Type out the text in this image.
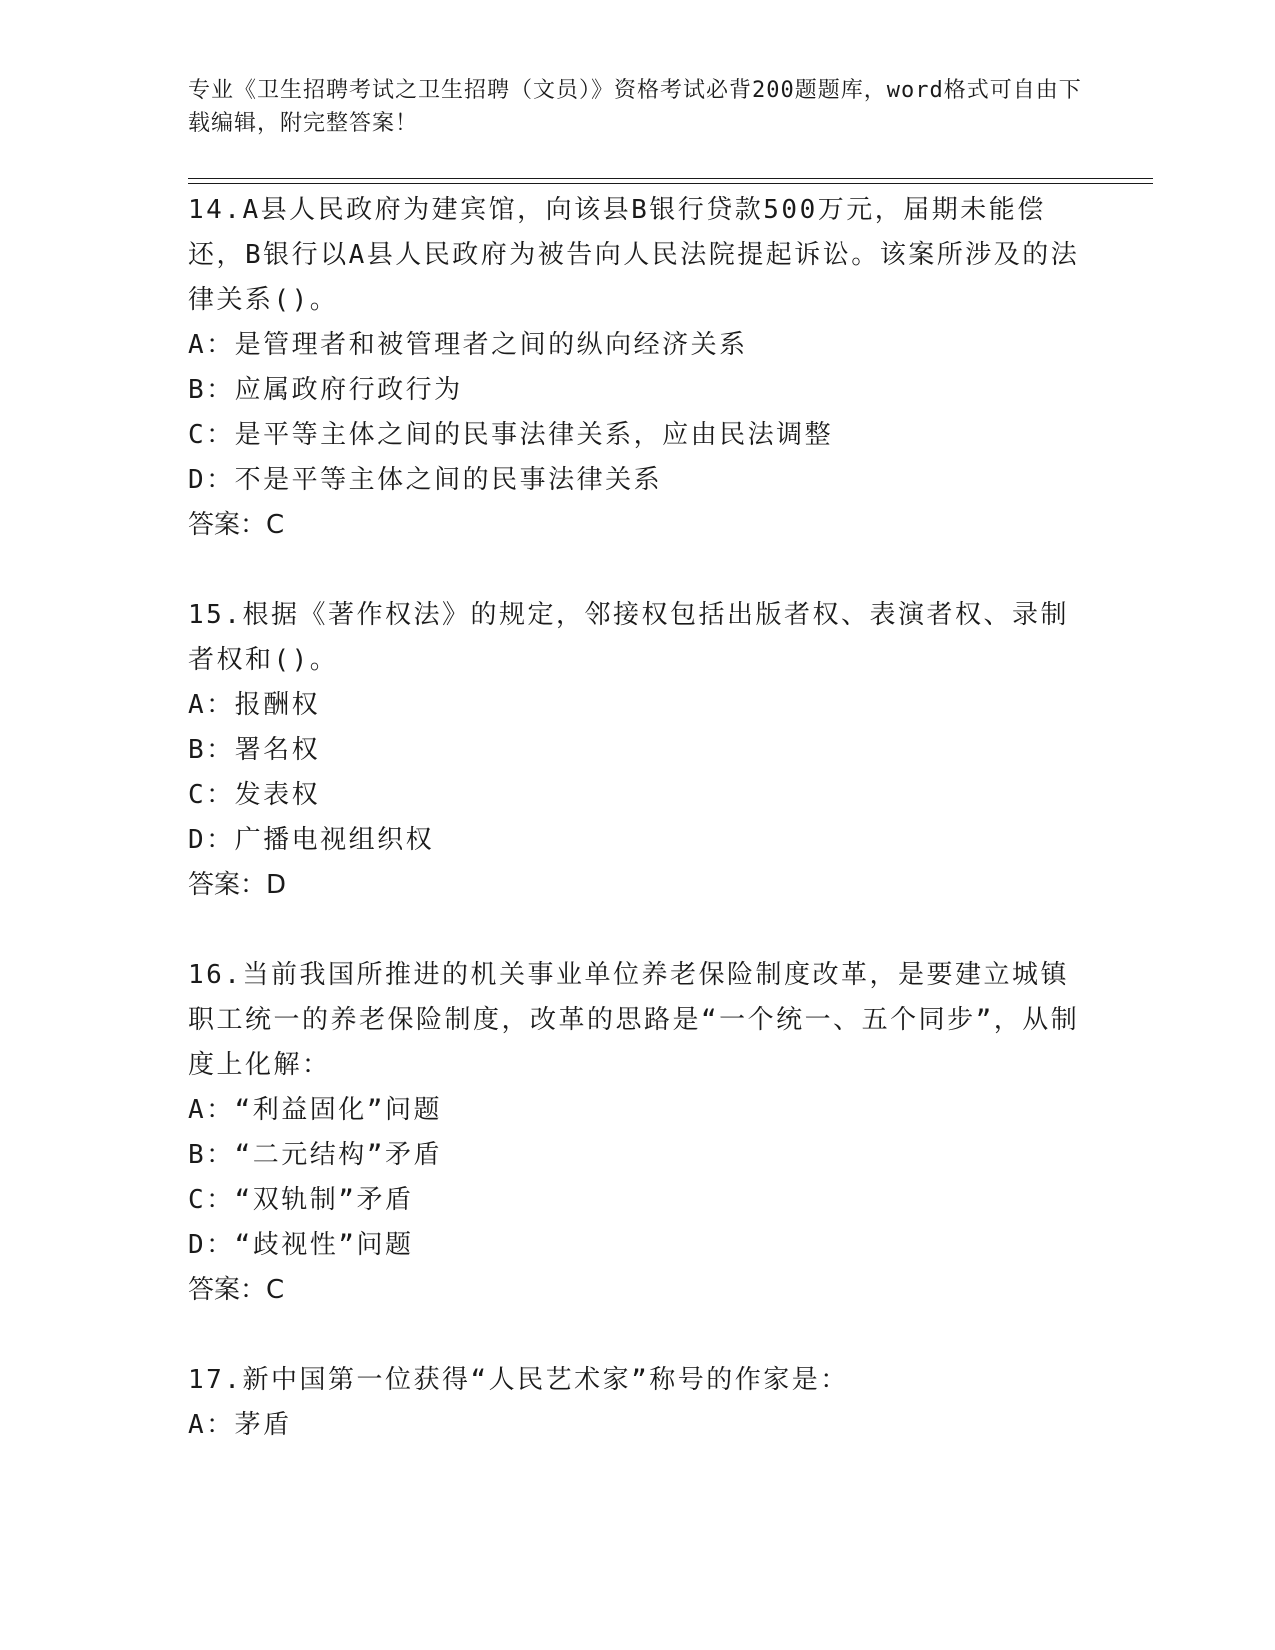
专业《卫生招聘考试之卫生招聘（文员）》资格考试必背200题题库，word格式可自由下载编辑，附完整答案！
14.A县人民政府为建宾馆，向该县B银行贷款500万元，届期未能偿还，B银行以A县人民政府为被告向人民法院提起诉讼。该案所涉及的法律关系()。
A：是管理者和被管理者之间的纵向经济关系
B：应属政府行政行为
C：是平等主体之间的民事法律关系，应由民法调整
D：不是平等主体之间的民事法律关系
答案：C
15.根据《著作权法》的规定，邻接权包括出版者权、表演者权、录制者权和()。
A：报酬权
B：署名权
C：发表权
D：广播电视组织权
答案：D
16.当前我国所推进的机关事业单位养老保险制度改革，是要建立城镇职工统一的养老保险制度，改革的思路是“一个统一、五个同步”，从制度上化解：
A：“利益固化”问题
B：“二元结构”矛盾
C：“双轨制”矛盾
D：“歧视性”问题
答案：C
17.新中国第一位获得“人民艺术家”称号的作家是：
A：茅盾
